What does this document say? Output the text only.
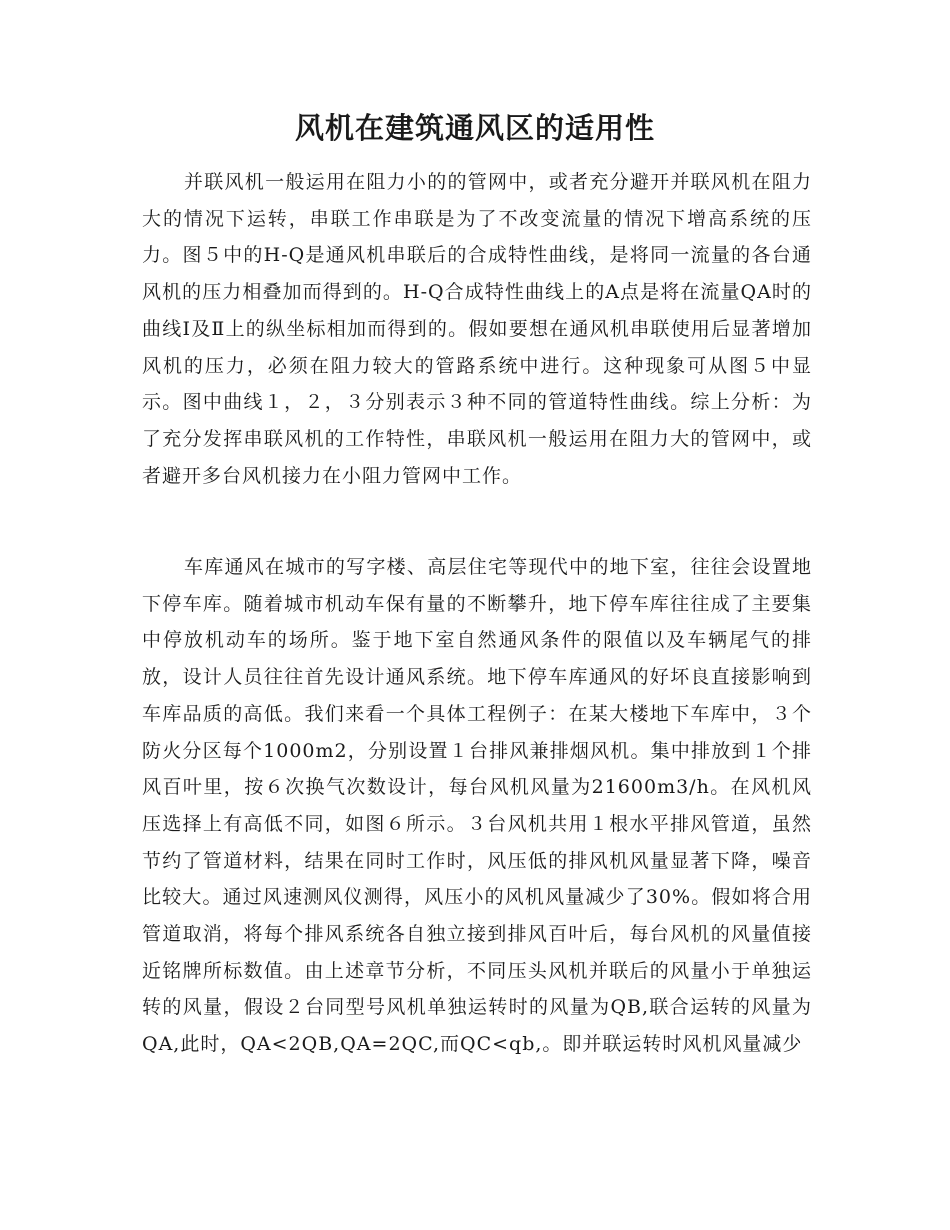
风机在建筑通风区的适用性

并联风机一般运用在阻力小的的管网中，或者充分避开并联风机在阻力大的情况下运转，串联工作串联是为了不改变流量的情况下增高系统的压力。图５中的H-Q是通风机串联后的合成特性曲线，是将同一流量的各台通风机的压力相叠加而得到的。H-Q合成特性曲线上的A点是将在流量QA时的曲线Ⅰ及Ⅱ上的纵坐标相加而得到的。假如要想在通风机串联使用后显著增加风机的压力，必须在阻力较大的管路系统中进行。这种现象可从图５中显示。图中曲线１，２，３分别表示３种不同的管道特性曲线。综上分析：为了充分发挥串联风机的工作特性，串联风机一般运用在阻力大的管网中，或者避开多台风机接力在小阻力管网中工作。

车库通风在城市的写字楼、高层住宅等现代中的地下室，往往会设置地下停车库。随着城市机动车保有量的不断攀升，地下停车库往往成了主要集中停放机动车的场所。鉴于地下室自然通风条件的限值以及车辆尾气的排放，设计人员往往首先设计通风系统。地下停车库通风的好坏良直接影响到车库品质的高低。我们来看一个具体工程例子：在某大楼地下车库中，３个防火分区每个1000m2，分别设置１台排风兼排烟风机。集中排放到１个排风百叶里，按６次换气次数设计，每台风机风量为21600m3/h。在风机风压选择上有高低不同，如图６所示。３台风机共用１根水平排风管道，虽然节约了管道材料，结果在同时工作时，风压低的排风机风量显著下降，噪音比较大。通过风速测风仪测得，风压小的风机风量减少了30%。假如将合用管道取消，将每个排风系统各自独立接到排风百叶后，每台风机的风量值接近铭牌所标数值。由上述章节分析，不同压头风机并联后的风量小于单独运转的风量，假设２台同型号风机单独运转时的风量为QB,联合运转的风量为QA,此时，QA<2QB,QA=2QC,而QC<qb,。即并联运转时风机风量减少
